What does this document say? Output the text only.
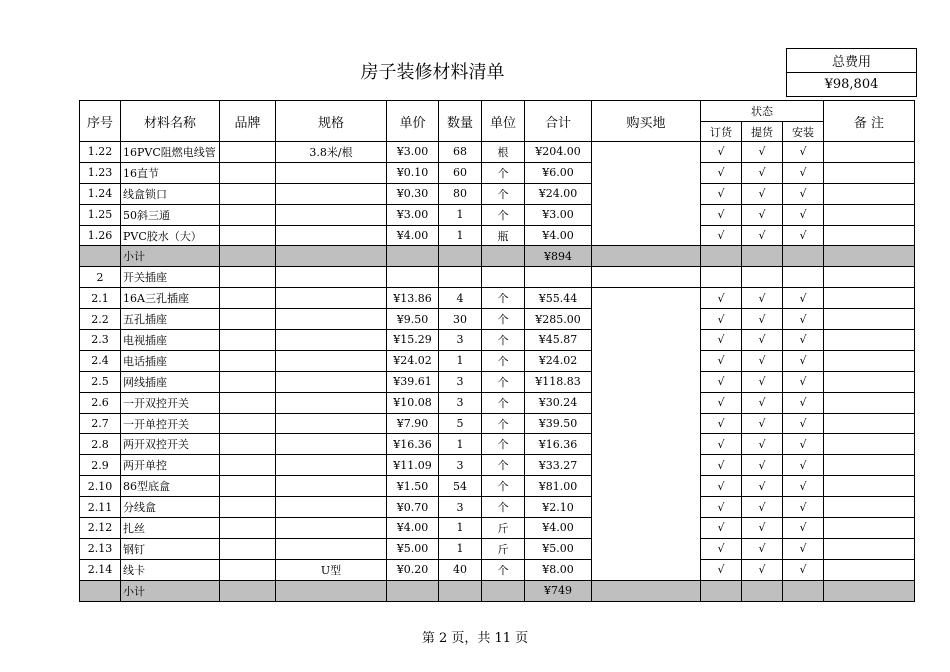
房子装修材料清单	总费用
¥98,804
序号	材料名称	品牌	规格	单价	数量	单位	合计	购买地	状态			备 注
									订货	提货	安装	
1.22	16PVC阻燃电线管		3.8米/根	¥3.00	68	根	¥204.00		√	√	√	
1.23	16直节			¥0.10	60	个	¥6.00		√	√	√	
1.24	线盒锁口			¥0.30	80	个	¥24.00		√	√	√	
1.25	50斜三通			¥3.00	1	个	¥3.00		√	√	√	
1.26	PVC胶水（大）			¥4.00	1	瓶	¥4.00		√	√	√	
	小计						¥894					
2	开关插座											
2.1	16A三孔插座			¥13.86	4	个	¥55.44		√	√	√	
2.2	五孔插座			¥9.50	30	个	¥285.00		√	√	√	
2.3	电视插座			¥15.29	3	个	¥45.87		√	√	√	
2.4	电话插座			¥24.02	1	个	¥24.02		√	√	√	
2.5	网线插座			¥39.61	3	个	¥118.83		√	√	√	
2.6	一开双控开关			¥10.08	3	个	¥30.24		√	√	√	
2.7	一开单控开关			¥7.90	5	个	¥39.50		√	√	√	
2.8	两开双控开关			¥16.36	1	个	¥16.36		√	√	√	
2.9	两开单控			¥11.09	3	个	¥33.27		√	√	√	
2.10	86型底盒			¥1.50	54	个	¥81.00		√	√	√	
2.11	分线盒			¥0.70	3	个	¥2.10		√	√	√	
2.12	扎丝			¥4.00	1	斤	¥4.00		√	√	√	
2.13	钢钉			¥5.00	1	斤	¥5.00		√	√	√	
2.14	线卡		U型	¥0.20	40	个	¥8.00		√	√	√	
	小计						¥749					
第 2 页，共 11 页
